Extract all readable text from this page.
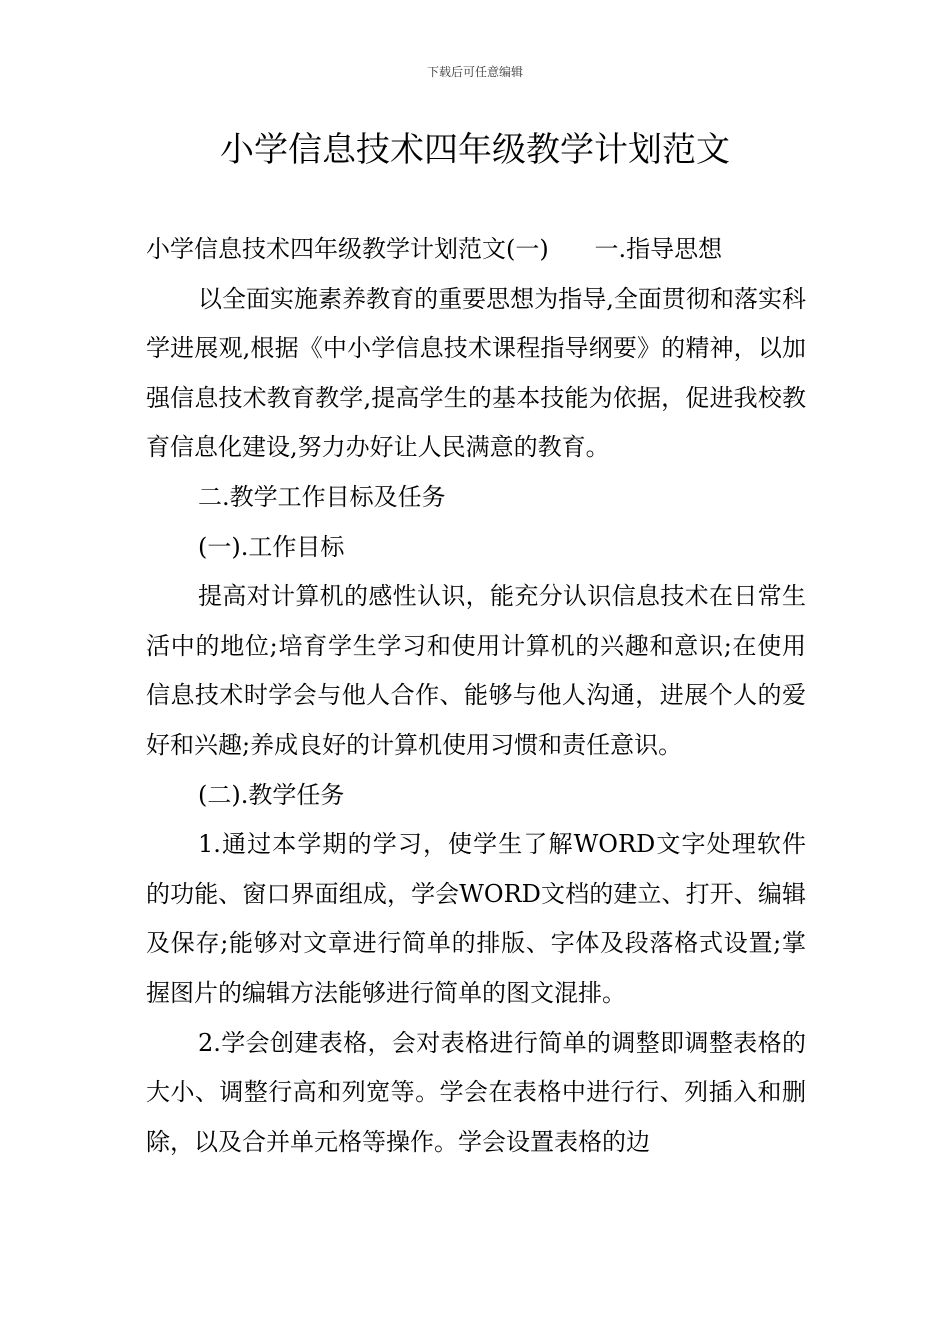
下载后可任意编辑
小学信息技术四年级教学计划范文

小学信息技术四年级教学计划范文(一)      一.指导思想

以全面实施素养教育的重要思想为指导,全面贯彻和落实科学进展观,根据《中小学信息技术课程指导纲要》的精神，以加强信息技术教育教学,提高学生的基本技能为依据，促进我校教育信息化建设,努力办好让人民满意的教育。

二.教学工作目标及任务

(一).工作目标

提高对计算机的感性认识，能充分认识信息技术在日常生活中的地位;培育学生学习和使用计算机的兴趣和意识;在使用信息技术时学会与他人合作、能够与他人沟通，进展个人的爱好和兴趣;养成良好的计算机使用习惯和责任意识。

(二).教学任务

1.通过本学期的学习，使学生了解WORD文字处理软件的功能、窗口界面组成，学会WORD文档的建立、打开、编辑及保存;能够对文章进行简单的排版、字体及段落格式设置;掌握图片的编辑方法能够进行简单的图文混排。

2.学会创建表格，会对表格进行简单的调整即调整表格的大小、调整行高和列宽等。学会在表格中进行行、列插入和删除，以及合并单元格等操作。学会设置表格的边
